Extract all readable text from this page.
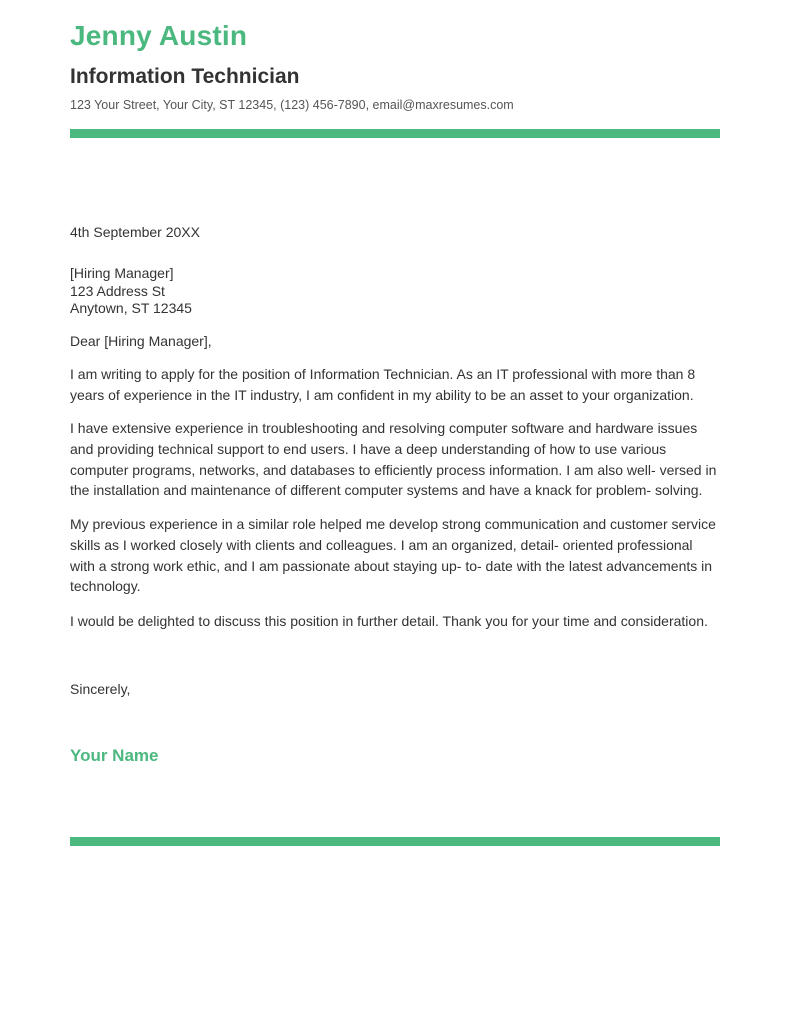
Jenny Austin
Information Technician
123 Your Street, Your City, ST 12345, (123) 456-7890, email@maxresumes.com
4th September 20XX
[Hiring Manager]
123 Address St
Anytown, ST 12345
Dear [Hiring Manager],
I am writing to apply for the position of Information Technician. As an IT professional with more than 8 years of experience in the IT industry, I am confident in my ability to be an asset to your organization.
I have extensive experience in troubleshooting and resolving computer software and hardware issues and providing technical support to end users. I have a deep understanding of how to use various computer programs, networks, and databases to efficiently process information. I am also well- versed in the installation and maintenance of different computer systems and have a knack for problem- solving.
My previous experience in a similar role helped me develop strong communication and customer service skills as I worked closely with clients and colleagues. I am an organized, detail- oriented professional with a strong work ethic, and I am passionate about staying up- to- date with the latest advancements in technology.
I would be delighted to discuss this position in further detail. Thank you for your time and consideration.
Sincerely,
Your Name
